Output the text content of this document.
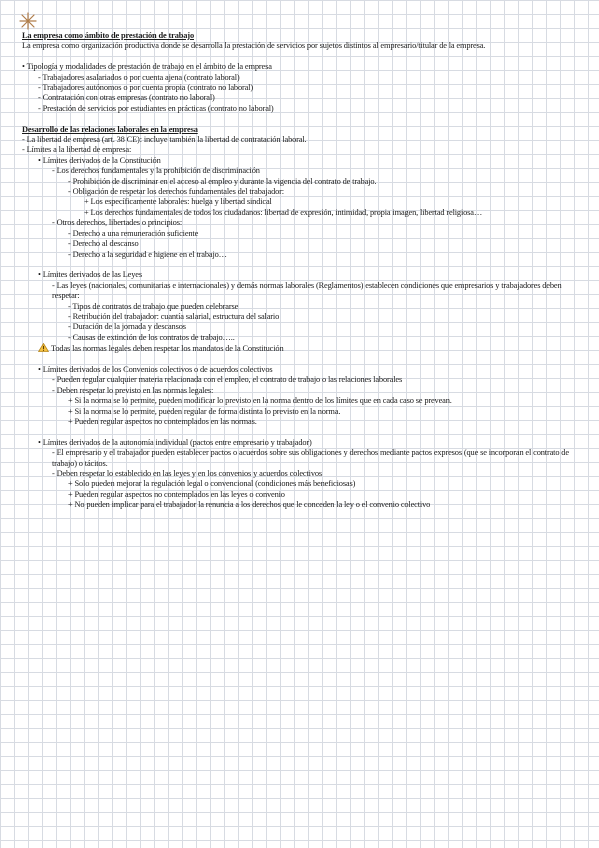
La empresa como ámbito de prestación de trabajo
La empresa como organización productiva donde se desarrolla la prestación de servicios por sujetos distintos al empresario/titular de la empresa.
• Tipología y modalidades de prestación de trabajo en el ámbito de la empresa
- Trabajadores asalariados o por cuenta ajena (contrato laboral)
- Trabajadores autónomos o por cuenta propia (contrato no laboral)
- Contratación con otras empresas (contrato no laboral)
- Prestación de servicios por estudiantes en prácticas (contrato no laboral)
Desarrollo de las relaciones laborales en la empresa
- La libertad de empresa (art. 38 CE): incluye también la libertad de contratación laboral.
- Límites a la libertad de empresa:
• Límites derivados de la Constitución
- Los derechos fundamentales y la prohibición de discriminación
- Prohibición de discriminar en el acceso al empleo y durante la vigencia del contrato de trabajo.
- Obligación de respetar los derechos fundamentales del trabajador:
+ Los específicamente laborales: huelga y libertad sindical
+ Los derechos fundamentales de todos los ciudadanos: libertad de expresión, intimidad, propia imagen, libertad religiosa…
- Otros derechos, libertades o principios:
- Derecho a una remuneración suficiente
- Derecho al descanso
- Derecho a la seguridad e higiene en el trabajo…
• Límites derivados de las Leyes
- Las leyes (nacionales, comunitarias e internacionales) y demás normas laborales (Reglamentos) establecen condiciones que empresarios y trabajadores deben respetar:
- Tipos de contratos de trabajo que pueden celebrarse
- Retribución del trabajador: cuantía salarial, estructura del salario
- Duración de la jornada y descansos
- Causas de extinción de los contratos de trabajo…..
Todas las normas legales deben respetar los mandatos de la Constitución
• Límites derivados de los Convenios colectivos o de acuerdos colectivos
- Pueden regular cualquier materia relacionada con el empleo, el contrato de trabajo o las relaciones laborales
- Deben respetar lo previsto en las normas legales:
+ Si la norma se lo permite, pueden modificar lo previsto en la norma dentro de los límites que en cada caso se prevean.
+ Si la norma se lo permite, pueden regular de forma distinta lo previsto en la norma.
+ Pueden regular aspectos no contemplados en las normas.
• Límites derivados de la autonomía individual (pactos entre empresario y trabajador)
- El empresario y el trabajador pueden establecer pactos o acuerdos sobre sus obligaciones y derechos mediante pactos expresos (que se incorporan el contrato de trabajo) o tácitos.
- Deben respetar lo establecido en las leyes y en los convenios y acuerdos colectivos
+ Solo pueden mejorar la regulación legal o convencional (condiciones más beneficiosas)
+ Pueden regular aspectos no contemplados en las leyes o convenio
+ No pueden implicar para el trabajador la renuncia a los derechos que le conceden la ley o el convenio colectivo
